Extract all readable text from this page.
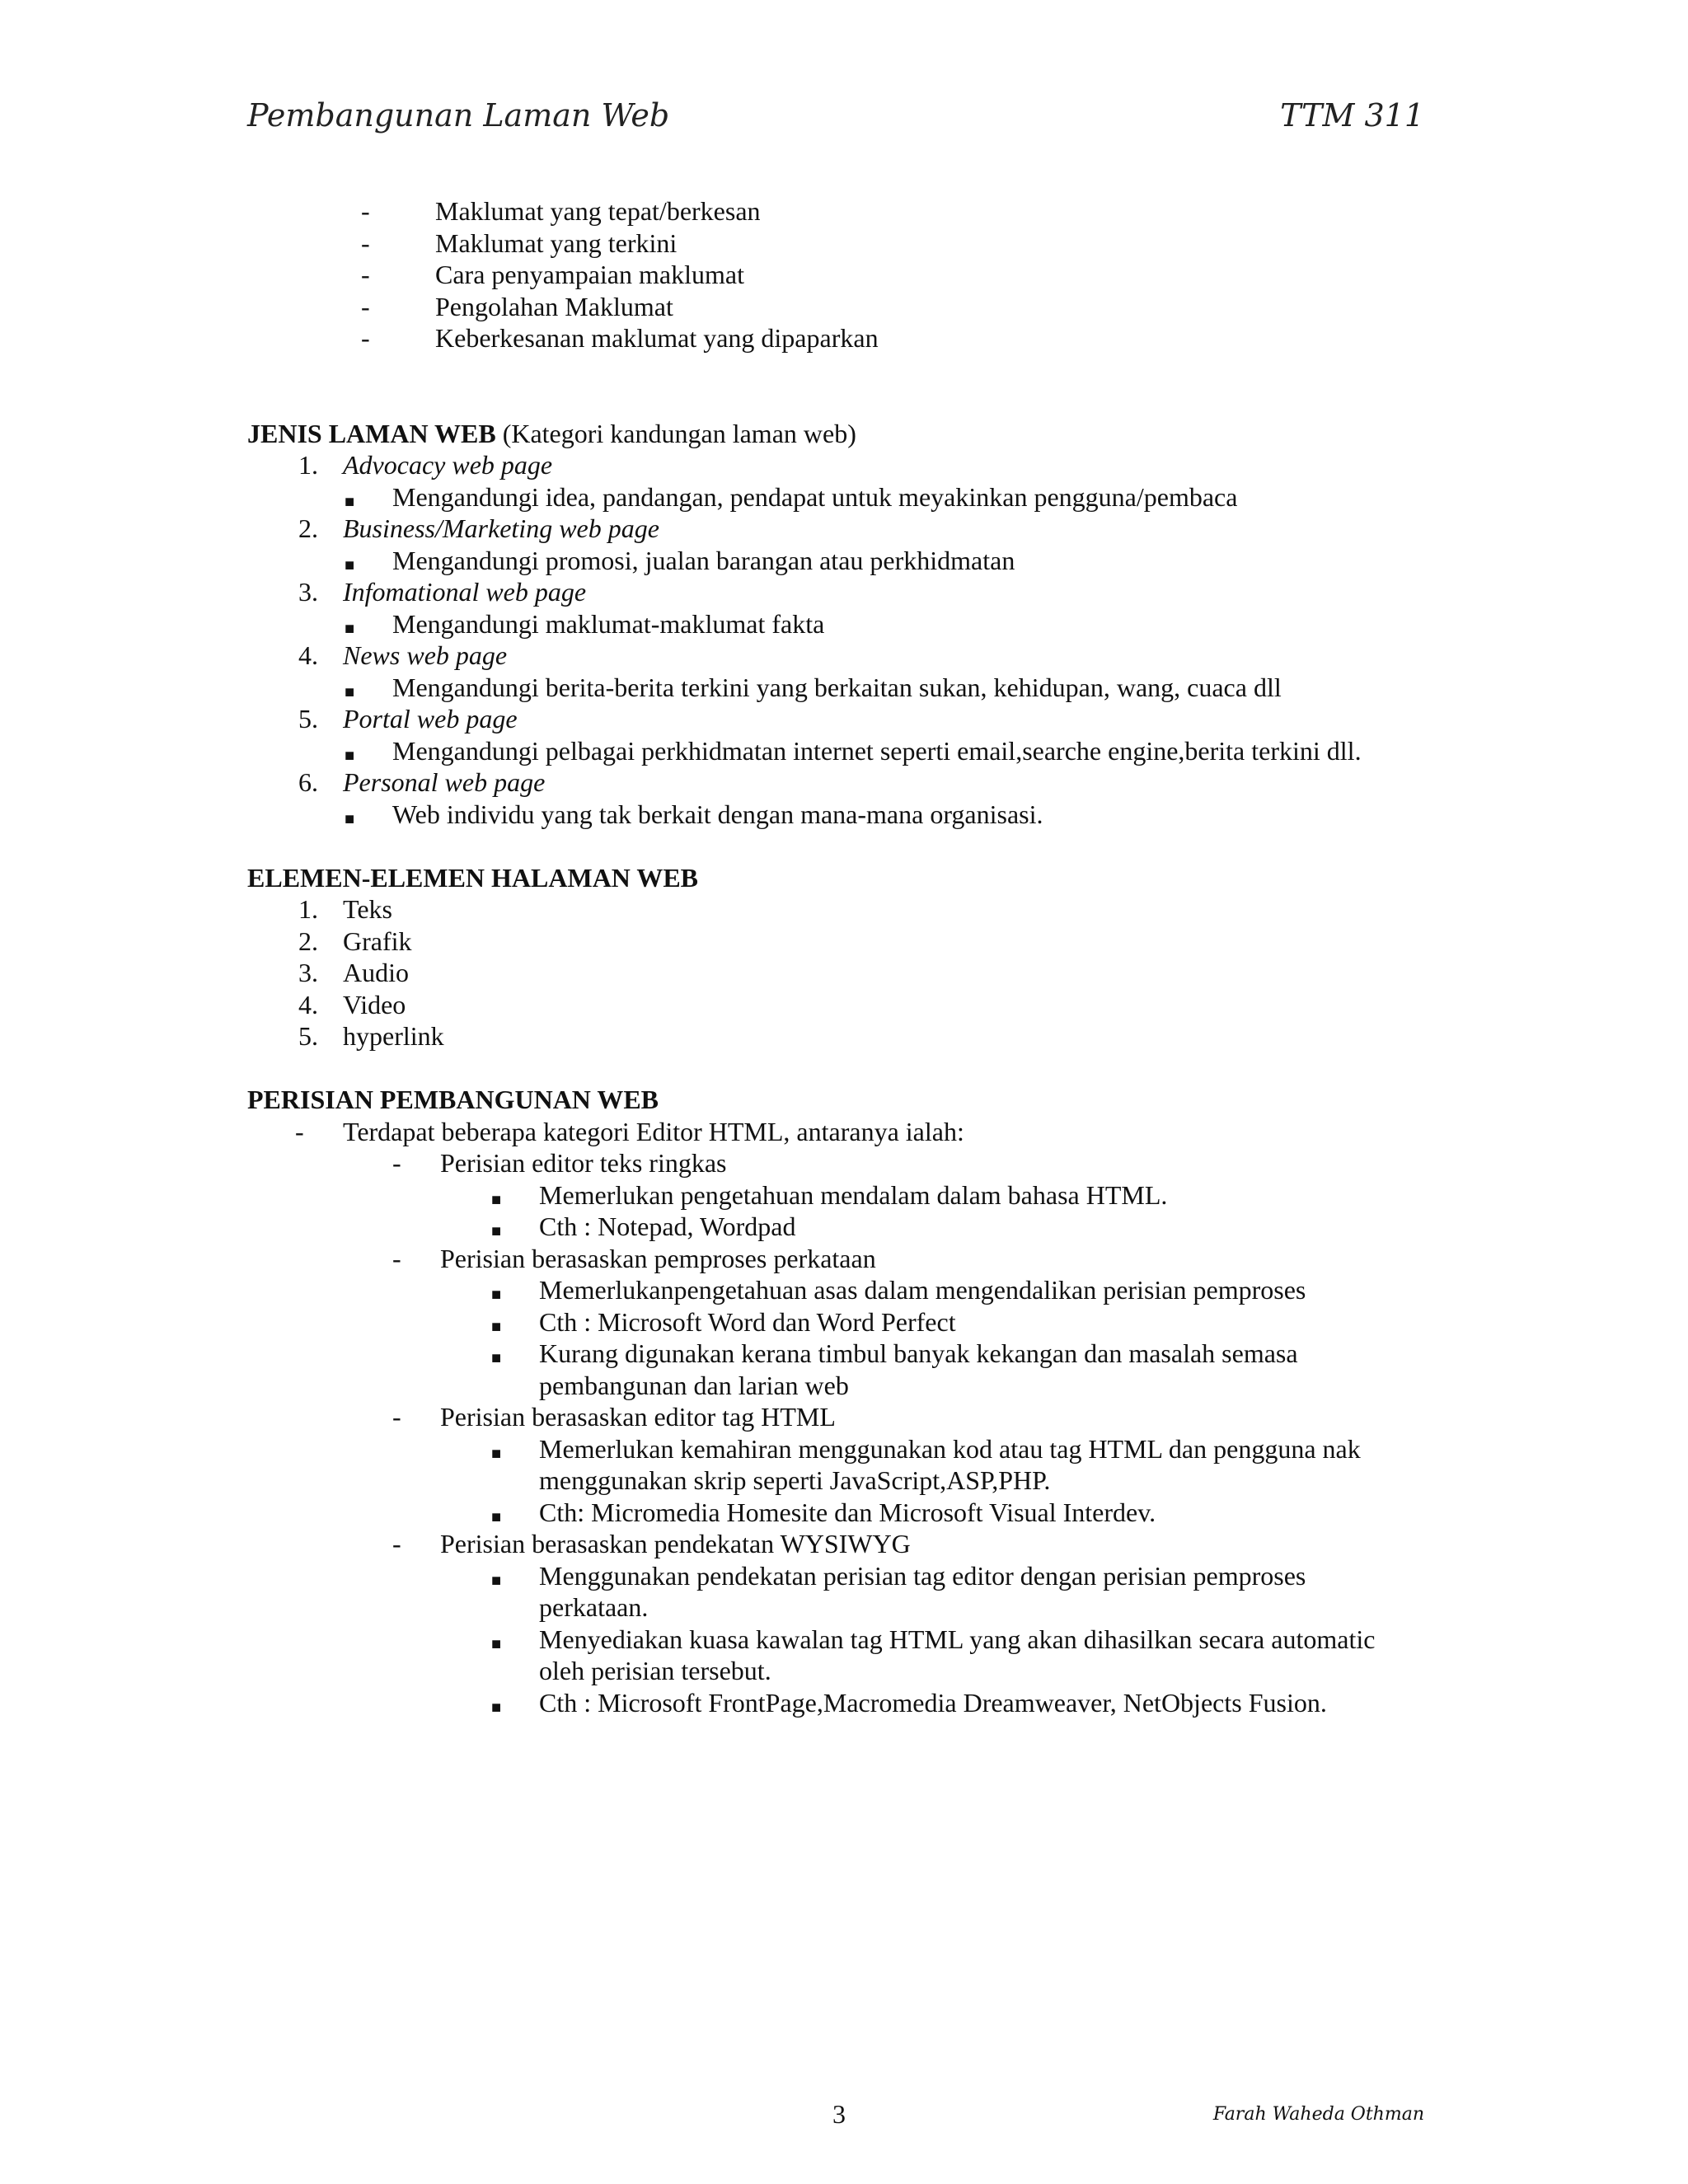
Pembangunan Laman Web	TTM 311
- Maklumat yang tepat/berkesan
- Maklumat yang terkini
- Cara penyampaian maklumat
- Pengolahan Maklumat
- Keberkesanan maklumat yang dipaparkan
JENIS LAMAN WEB (Kategori kandungan laman web)
1. Advocacy web page
■ Mengandungi idea, pandangan, pendapat untuk meyakinkan pengguna/pembaca
2. Business/Marketing web page
■ Mengandungi promosi, jualan barangan atau perkhidmatan
3. Infomational web page
■ Mengandungi maklumat-maklumat fakta
4. News web page
■ Mengandungi berita-berita terkini yang berkaitan sukan, kehidupan, wang, cuaca dll
5. Portal web page
■ Mengandungi pelbagai perkhidmatan internet seperti email,searche engine,berita terkini dll.
6. Personal web page
■ Web individu yang tak berkait dengan mana-mana organisasi.
ELEMEN-ELEMEN HALAMAN WEB
1. Teks
2. Grafik
3. Audio
4. Video
5. hyperlink
PERISIAN PEMBANGUNAN WEB
- Terdapat beberapa kategori Editor HTML, antaranya ialah:
- Perisian editor teks ringkas
■ Memerlukan pengetahuan mendalam dalam bahasa HTML.
■ Cth : Notepad, Wordpad
- Perisian berasaskan pemproses perkataan
■ Memerlukanpengetahuan asas dalam mengendalikan perisian pemproses
■ Cth : Microsoft Word dan Word Perfect
■ Kurang digunakan kerana timbul banyak kekangan dan masalah semasa
pembangunan dan larian web
- Perisian berasaskan editor tag HTML
■ Memerlukan kemahiran menggunakan kod atau tag HTML dan pengguna nak
menggunakan skrip seperti JavaScript,ASP,PHP.
■ Cth: Micromedia Homesite dan Microsoft Visual Interdev.
- Perisian berasaskan pendekatan WYSIWYG
■ Menggunakan pendekatan perisian tag editor dengan perisian pemproses
perkataan.
■ Menyediakan kuasa kawalan tag HTML yang akan dihasilkan secara automatic
oleh perisian tersebut.
■ Cth : Microsoft FrontPage,Macromedia Dreamweaver, NetObjects Fusion.
3	Farah Waheda Othman
